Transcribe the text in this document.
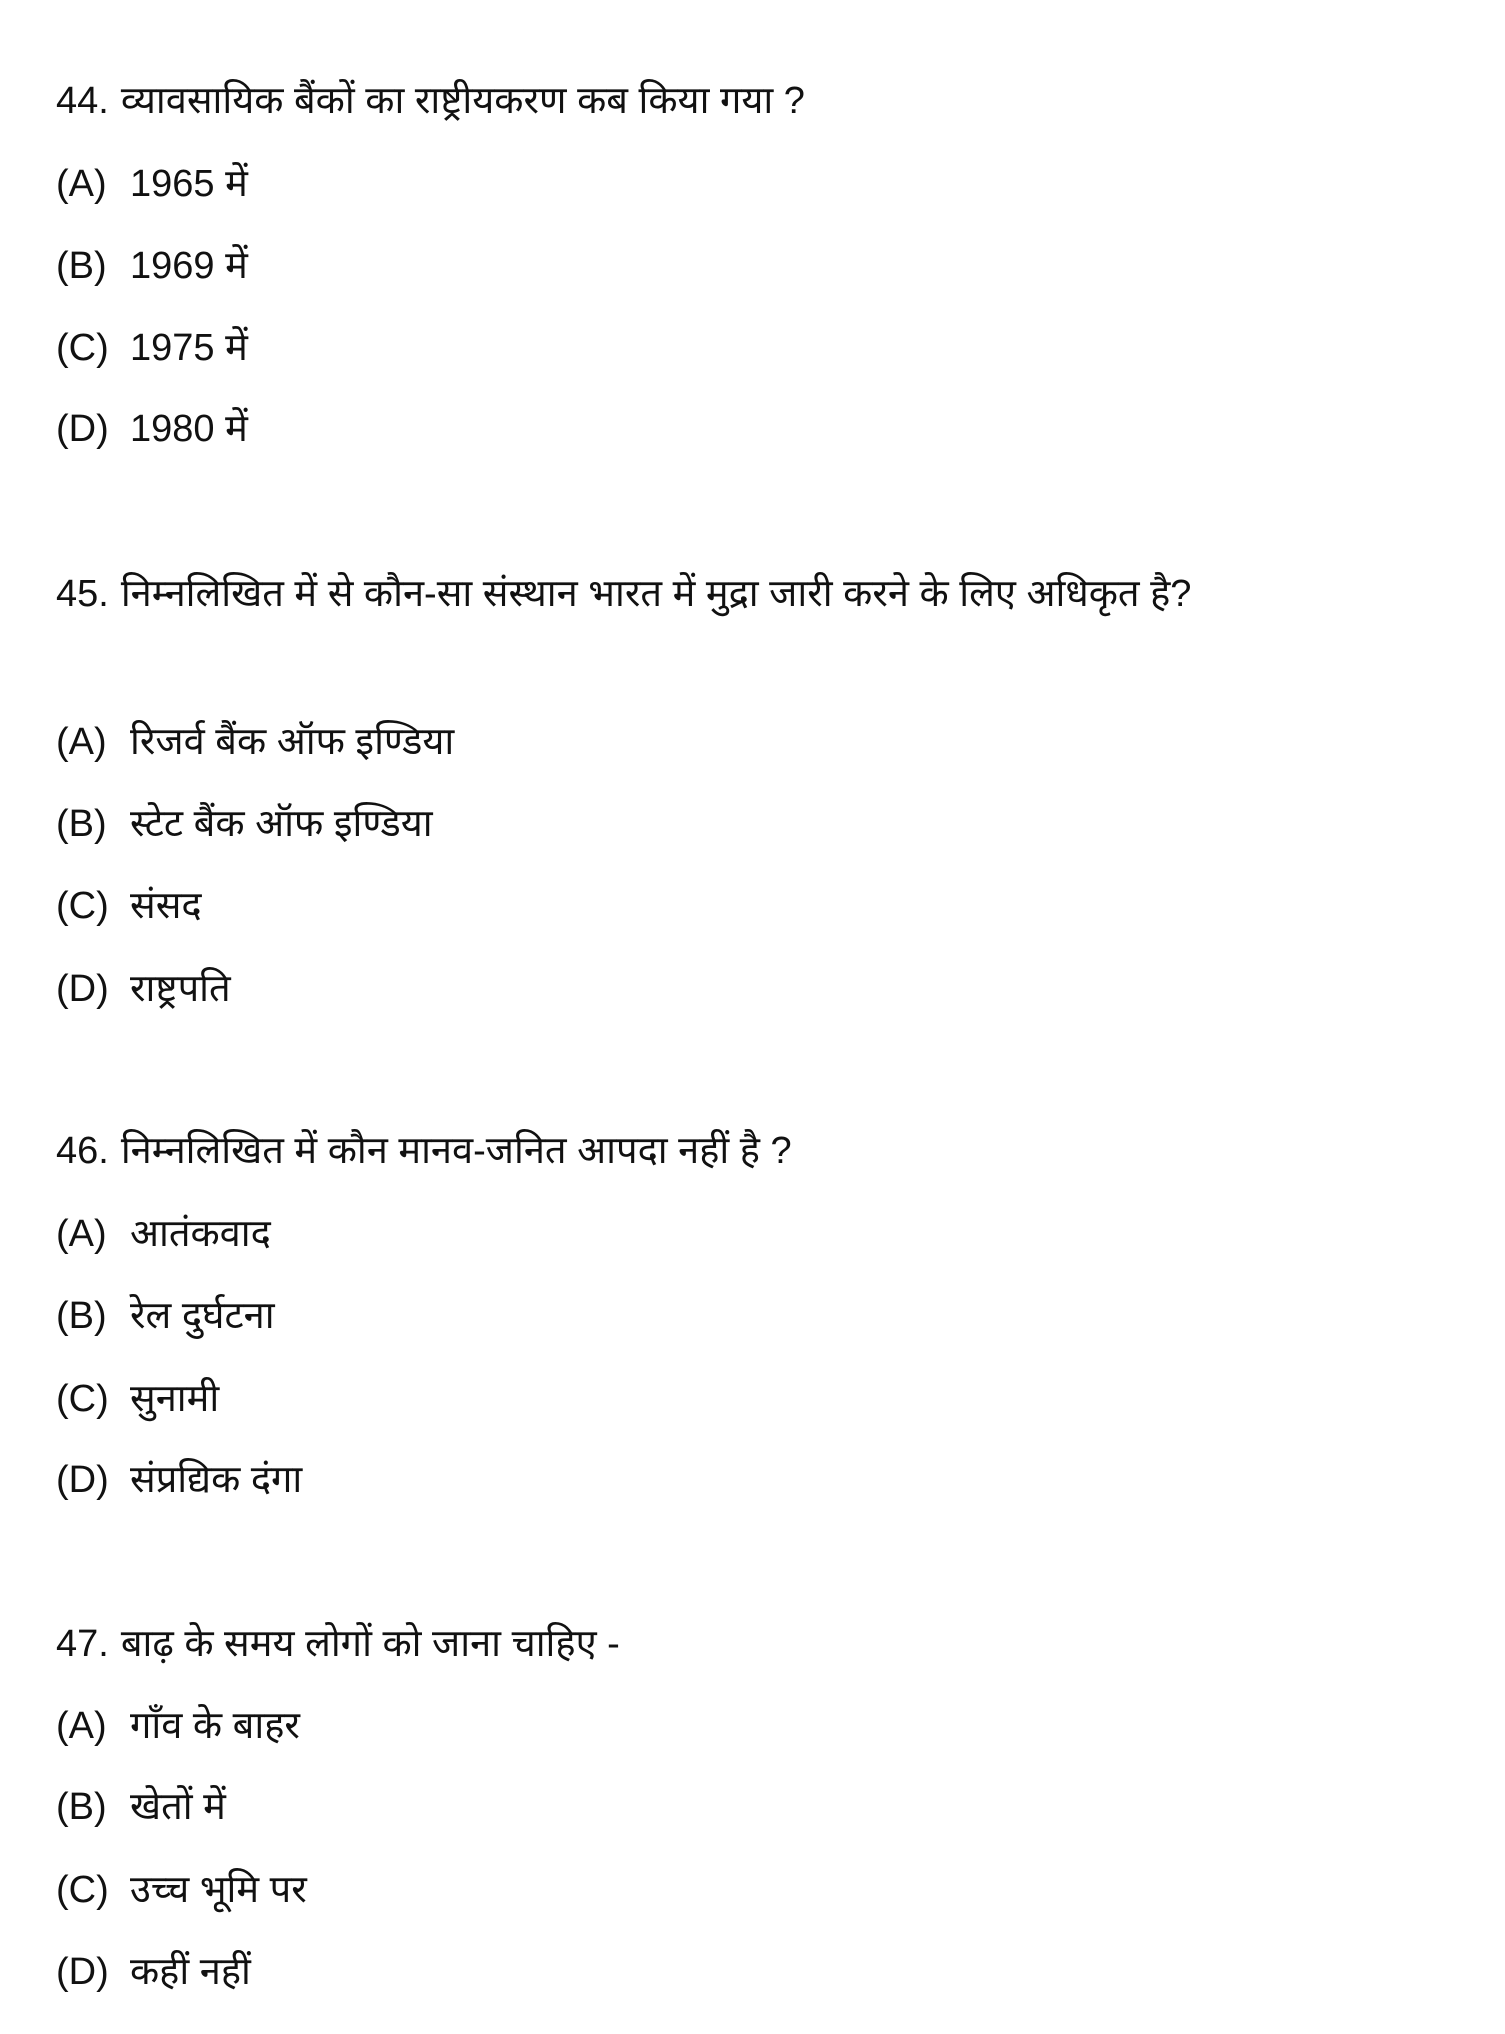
44. व्यावसायिक बैंकों का राष्ट्रीयकरण कब किया गया ?
(A) 1965 में
(B) 1969 में
(C) 1975 में
(D) 1980 में
45. निम्नलिखित में से कौन-सा संस्थान भारत में मुद्रा जारी करने के लिए अधिकृत है?
(A) रिजर्व बैंक ऑफ इण्डिया
(B) स्टेट बैंक ऑफ इण्डिया
(C) संसद
(D) राष्ट्रपति
46. निम्नलिखित में कौन मानव-जनित आपदा नहीं है ?
(A) आतंकवाद
(B) रेल दुर्घटना
(C) सुनामी
(D) संप्रद्यिक दंगा
47. बाढ़ के समय लोगों को जाना चाहिए -
(A) गाँव के बाहर
(B) खेतों में
(C) उच्च भूमि पर
(D) कहीं नहीं
